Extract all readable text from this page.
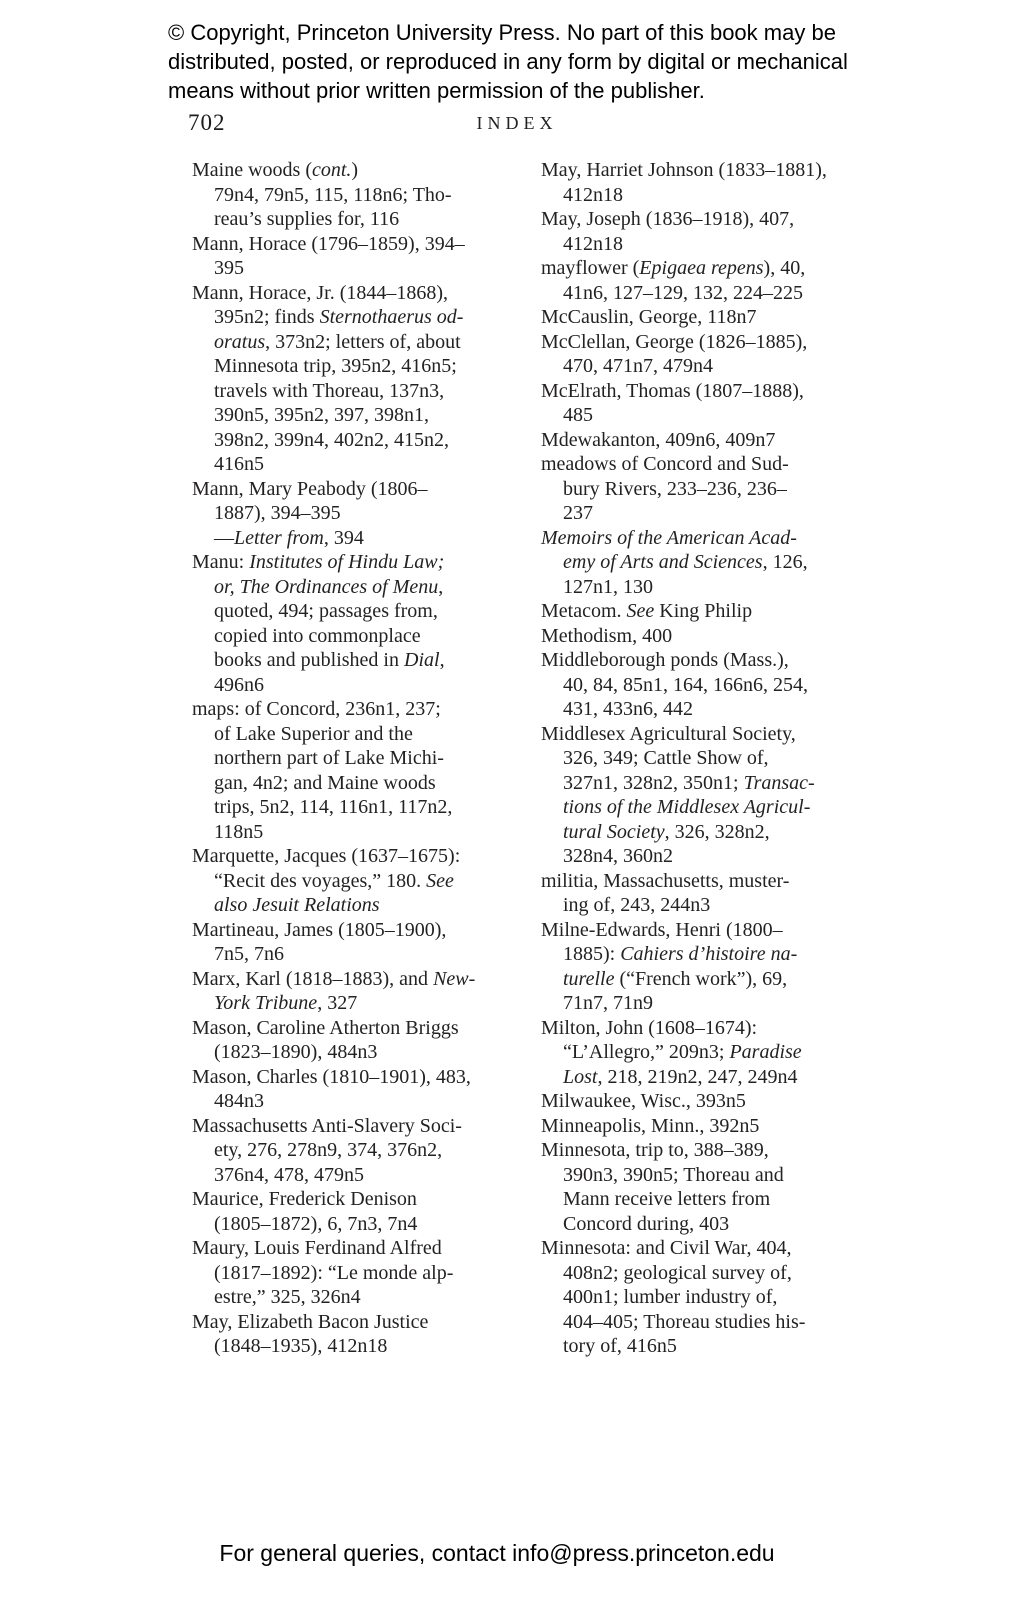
© Copyright, Princeton University Press. No part of this book may be
distributed, posted, or reproduced in any form by digital or mechanical
means without prior written permission of the publisher.
702	INDEX
Maine woods (cont.)
79n4, 79n5, 115, 118n6; Tho-
reau’s supplies for, 116
Mann, Horace (1796–1859), 394–
395
Mann, Horace, Jr. (1844–1868),
395n2; finds Sternothaerus od-
oratus, 373n2; letters of, about
Minnesota trip, 395n2, 416n5;
travels with Thoreau, 137n3,
390n5, 395n2, 397, 398n1,
398n2, 399n4, 402n2, 415n2,
416n5
Mann, Mary Peabody (1806–
1887), 394–395
—Letter from, 394
Manu: Institutes of Hindu Law;
or, The Ordinances of Menu,
quoted, 494; passages from,
copied into commonplace
books and published in Dial,
496n6
maps: of Concord, 236n1, 237;
of Lake Superior and the
northern part of Lake Michi-
gan, 4n2; and Maine woods
trips, 5n2, 114, 116n1, 117n2,
118n5
Marquette, Jacques (1637–1675):
“Recit des voyages,” 180. See
also Jesuit Relations
Martineau, James (1805–1900),
7n5, 7n6
Marx, Karl (1818–1883), and New-
York Tribune, 327
Mason, Caroline Atherton Briggs
(1823–1890), 484n3
Mason, Charles (1810–1901), 483,
484n3
Massachusetts Anti-Slavery Soci-
ety, 276, 278n9, 374, 376n2,
376n4, 478, 479n5
Maurice, Frederick Denison
(1805–1872), 6, 7n3, 7n4
Maury, Louis Ferdinand Alfred
(1817–1892): “Le monde alp-
estre,” 325, 326n4
May, Elizabeth Bacon Justice
(1848–1935), 412n18
May, Harriet Johnson (1833–1881),
412n18
May, Joseph (1836–1918), 407,
412n18
mayflower (Epigaea repens), 40,
41n6, 127–129, 132, 224–225
McCauslin, George, 118n7
McClellan, George (1826–1885),
470, 471n7, 479n4
McElrath, Thomas (1807–1888),
485
Mdewakanton, 409n6, 409n7
meadows of Concord and Sud-
bury Rivers, 233–236, 236–
237
Memoirs of the American Acad-
emy of Arts and Sciences, 126,
127n1, 130
Metacom. See King Philip
Methodism, 400
Middleborough ponds (Mass.),
40, 84, 85n1, 164, 166n6, 254,
431, 433n6, 442
Middlesex Agricultural Society,
326, 349; Cattle Show of,
327n1, 328n2, 350n1; Transac-
tions of the Middlesex Agricul-
tural Society, 326, 328n2,
328n4, 360n2
militia, Massachusetts, muster-
ing of, 243, 244n3
Milne-Edwards, Henri (1800–
1885): Cahiers d’histoire na-
turelle (“French work”), 69,
71n7, 71n9
Milton, John (1608–1674):
“L’Allegro,” 209n3; Paradise
Lost, 218, 219n2, 247, 249n4
Milwaukee, Wisc., 393n5
Minneapolis, Minn., 392n5
Minnesota, trip to, 388–389,
390n3, 390n5; Thoreau and
Mann receive letters from
Concord during, 403
Minnesota: and Civil War, 404,
408n2; geological survey of,
400n1; lumber industry of,
404–405; Thoreau studies his-
tory of, 416n5
For general queries, contact info@press.princeton.edu
